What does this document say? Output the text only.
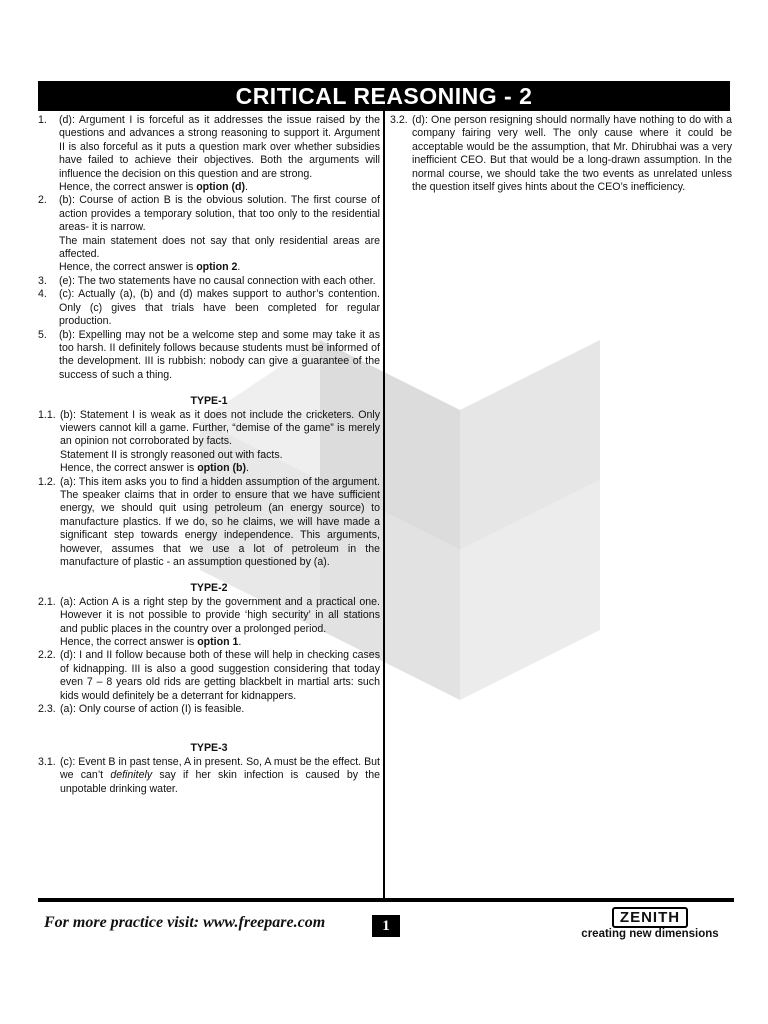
CRITICAL REASONING - 2
1.	(d): Argument I is forceful as it addresses the issue raised by the questions and advances a strong reasoning to support it. Argument II is also forceful as it puts a question mark over whether subsidies have failed to achieve their objectives. Both the arguments will influence the decision on this question and are strong.
Hence, the correct answer is option (d).
2.	(b): Course of action B is the obvious solution. The first course of action provides a temporary solution, that too only to the residential areas- it is narrow.
The main statement does not say that only residential areas are affected.
Hence, the correct answer is option 2.
3.	(e): The two statements have no causal connection with each other.
4.	(c): Actually (a), (b) and (d) makes support to author’s contention. Only (c) gives that trials have been completed for regular production.
5.	(b): Expelling may not be a welcome step and some may take it as too harsh. II definitely follows because students must be informed of the development. III is rubbish: nobody can give a guarantee of the success of such a thing.
TYPE-1
1.1. (b): Statement I is weak as it does not include the cricketers. Only viewers cannot kill a game. Further, “demise of the game” is merely an opinion not corroborated by facts.
Statement II is strongly reasoned out with facts.
Hence, the correct answer is option (b).
1.2. (a): This item asks you to find a hidden assumption of the argument. The speaker claims that in order to ensure that we have sufficient energy, we should quit using petroleum (an energy source) to manufacture plastics. If we do, so he claims, we will have made a significant step towards energy independence. This arguments, however, assumes that we use a lot of petroleum in the manufacture of plastic - an assumption questioned by (a).
TYPE-2
2.1. (a): Action A is a right step by the government and a practical one. However it is not possible to provide ‘high security’ in all stations and public places in the country over a prolonged period.
Hence, the correct answer is option 1.
2.2. (d): I and II follow because both of these will help in checking cases of kidnapping. III is also a good suggestion considering that today even 7 – 8 years old rids are getting blackbelt in martial arts: such kids would definitely be a deterrant for kidnappers.
2.3. (a): Only course of action (I) is feasible.
TYPE-3
3.1. (c): Event B in past tense, A in present. So, A must be the effect. But we can’t definitely say if her skin infection is caused by the unpotable drinking water.
3.2. (d): One person resigning should normally have nothing to do with a company fairing very well. The only cause where it could be acceptable would be the assumption, that Mr. Dhirubhai was a very inefficient CEO. But that would be a long-drawn assumption. In the normal course, we should take the two events as unrelated unless the question itself gives hints about the CEO’s inefficiency.
For more practice visit: www.freepare.com	1	ZENITH
creating new dimensions
